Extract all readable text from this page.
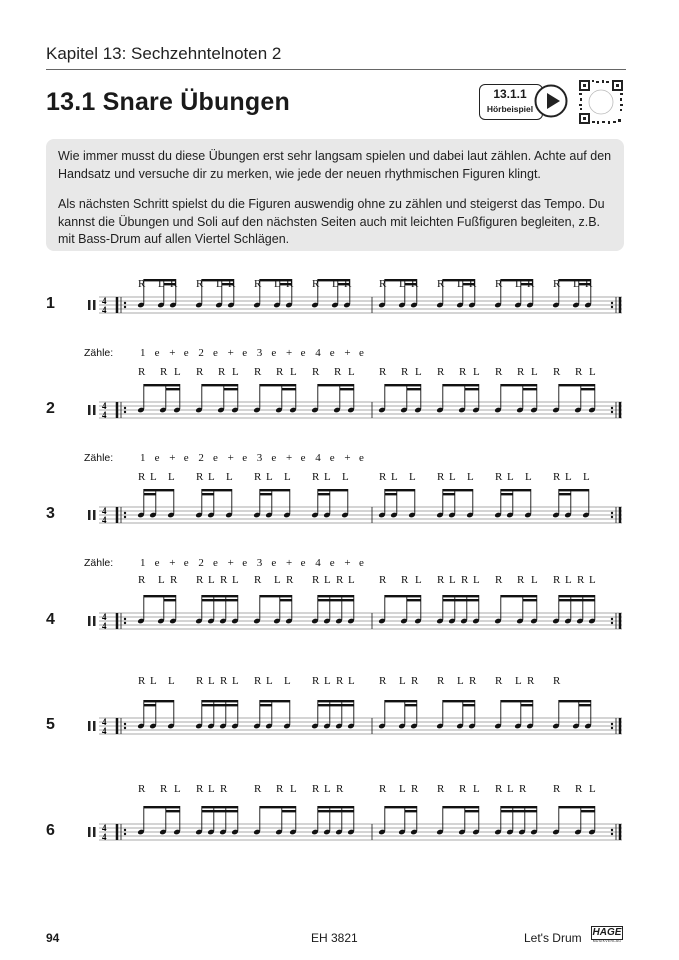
Kapitel 13: Sechzehntelnoten 2
13.1 Snare Übungen	13.1.1
Hörbeispiel

Wie immer musst du diese Übungen erst sehr langsam spielen und dabei laut zählen. Achte auf den Handsatz und versuche dir zu merken, wie jede der neuen rhythmischen Figuren klingt.

Als nächsten Schritt spielst du die Figuren auswendig ohne zu zählen und steigerst das Tempo. Du kannst die Übungen und Soli auf den nächsten Seiten auch mit leichten Fußfiguren begleiten, z.B. mit Bass-Drum auf allen Viertel Schlägen.

1
2
3
4
5
6
4
4
R L R R L R R L R R L R	R L R R L R R L R R L R
Zähle: 1 e + e 2 e + e 3 e + e 4 e + e
4
4
R R L R R L R R L R R L R R L R R L R R L R R L
Zähle: 1 e + e 2 e + e 3 e + e 4 e + e
4
4
R L L R L L R L L R L L	R L L R L L R L L R L L
Zähle: 1 e + e 2 e + e 3 e + e 4 e + e
4
4
R L R R L R L R L R R L R L R R L R L R L R R L R L R L
4
4
R L L R L R L R L L R L R L R L R R L R R L R R
4
4
R R L R L R R R L R L R	R L R R R L R L R R R L
94	EH 3821	Let's Drum HAGE
MUSIKVERLAG
